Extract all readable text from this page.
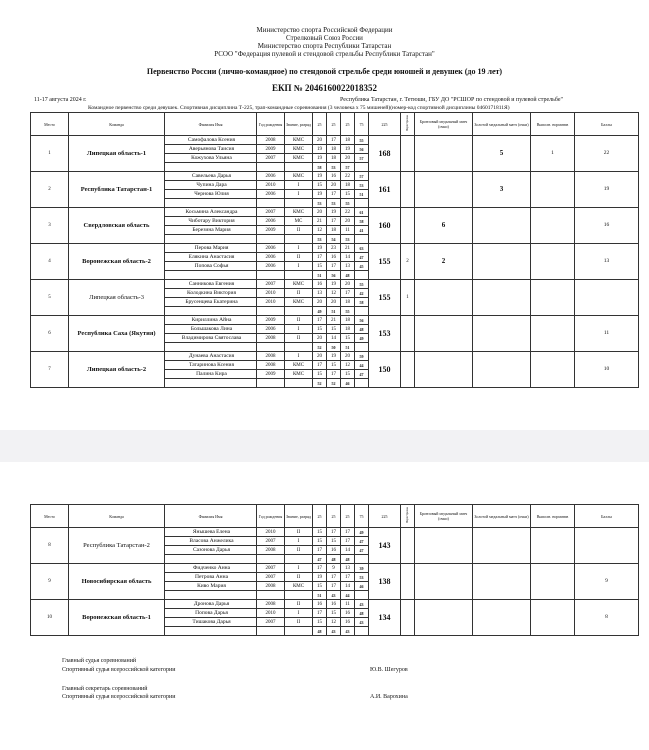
Министерство спорта Российской Федерации
Стрелковый Союз России
Министерство спорта Республики Татарстан
РСОО "Федерация пулевой и стендовой стрельбы Республики Татарстан"
Первенство России (лично-командное) по стендовой стрельбе среди юношей и девушек (до 19 лет)
ЕКП № 2046160022018352
11-17 августа 2024 г.	Республика Татарстан, г. Тетюши, ГБУ ДО "РСШОР по стендовой и пулевой стрельбе"
Командное первенство среди девушек. Спортивная дисциплина Т-225, трап-командные соревнования (3 человека х 75 мишеней)(номер-код спортивной дисциплины 0460171811Я)
Место	Команда	Фамилия Имя	Год рождения	Звание, разряд	25	25	25	75	225	Перестрелка	Бронзовый медальный матч (очки)	Золотой медальный матч (очки)	Выполн. норматив	Баллы
1	Липецкая область-1	Самофалова Ксения	2008	КМС	20	17	18	55	168			5	1	22
		Аверьянова Таисия	2009	КМС	19	18	19	56						
		Кожухова Ульяна	2007	КМС	19	18	20	57						
					58	53	57							
2	Республика Татарстан-1	Савельева Дарья	2006	КМС	19	16	22	57	161			3		19
		Чупина Дара	2010	I	15	20	18	53						
		Чернова Юлия	2006	I	19	17	15	51						
					53	53	55							
3	Свердловская область	Косьмина Александра	2007	КМС	20	19	22	61	160		6			16
		Чиботару Виктория	2006	МС	21	17	20	58						
		Березина Мария	2009	II	12	18	11	41						
					53	54	53							
4	Воронежская область-2	Перова Мария	2006	I	19	23	21	63	155	2	2			13
		Елякина Анастасия	2006	II	17	16	14	47						
		Попова Софья	2006	I	15	17	13	45						
					51	56	48							
5	Липецкая область-3	Санникова Евгения	2007	КМС	16	19	20	55	155	1				
		Колодкина Виктория	2010	II	13	12	17	42						
		Брусенцева Екатерина	2010	КМС	20	20	18	58						
					49	51	55							
6	Республика Саха (Якутия)	Кириллина Айна	2009	II	17	21	18	56	153					11
		Большакова Лина	2006	I	15	15	18	48						
		Владимирова Святослава	2008	II	20	14	15	49						
					52	50	51							
7	Липецкая область-2	Дунаева Анастасия	2008	I	20	19	20	59	150					10
		Татаринова Ксения	2008	КМС	17	15	12	44						
		Палина Кира	2009	КМС	15	17	15	47						
					52	52	46							
Место	Команда	Фамилия Имя	Год рождения	Звание, разряд	25	25	25	75	225	Перестрелка	Бронзовый медальный матч (очки)	Золотой медальный матч (очки)	Выполн. норматив	Баллы
8	Республика Татарстан-2	Янышева Елена	2010	II	15	17	17	49	143					
		Власова Анжелика	2007	I	15	15	17	47						
		Сазонова Дарья	2008	II	17	16	14	47						
					47	48	48							
9	Новосибирская область	Фидченко Анна	2007	I	17	9	13	39	138					9
		Петрова Анна	2007	II	19	17	17	53						
		Киво Мария	2008	КМС	15	17	14	46						
					51	43	44							
10	Воронежская область-1	Дронова Дарья	2008	II	16	16	11	43	134					8
		Попова Дарья	2010	I	17	15	16	48						
		Тишакова Дарья	2007	II	15	12	16	43						
					48	43	43							
Главный судья соревнований
Спортивный судья всероссийской категории	Ю.В. Шегуров
Главный секретарь соревнований
Спортивный судья всероссийской категории	А.И. Варохина
